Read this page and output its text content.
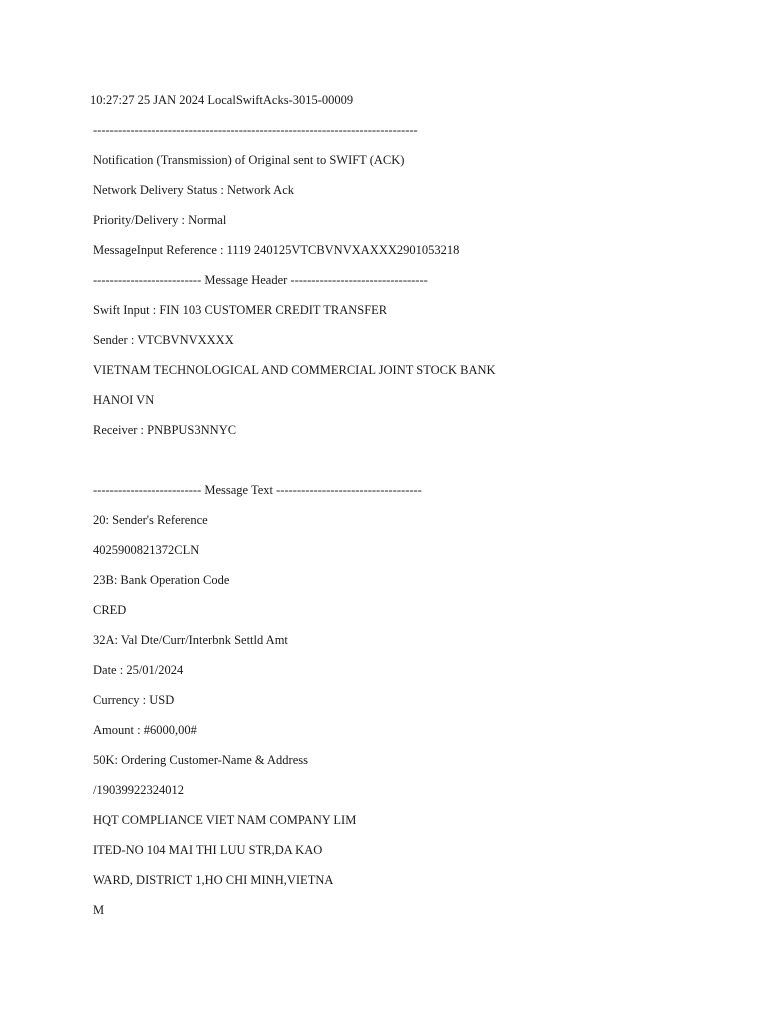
10:27:27 25 JAN 2024 LocalSwiftAcks-3015-00009
------------------------------------------------------------------------------
Notification (Transmission) of Original sent to SWIFT (ACK)
Network Delivery Status : Network Ack
Priority/Delivery : Normal
MessageInput Reference : 1119 240125VTCBVNVXAXXX2901053218
-------------------------- Message Header ---------------------------------
Swift Input : FIN 103 CUSTOMER CREDIT TRANSFER
Sender : VTCBVNVXXXX
VIETNAM TECHNOLOGICAL AND COMMERCIAL JOINT STOCK BANK
HANOI VN
Receiver : PNBPUS3NNYC
-------------------------- Message Text -----------------------------------
20: Sender's Reference
4025900821372CLN
23B: Bank Operation Code
CRED
32A: Val Dte/Curr/Interbnk Settld Amt
Date : 25/01/2024
Currency : USD
Amount : #6000,00#
50K: Ordering Customer-Name & Address
/19039922324012
HQT COMPLIANCE VIET NAM COMPANY LIM
ITED-NO 104 MAI THI LUU STR,DA KAO
WARD, DISTRICT 1,HO CHI MINH,VIETNA
M
